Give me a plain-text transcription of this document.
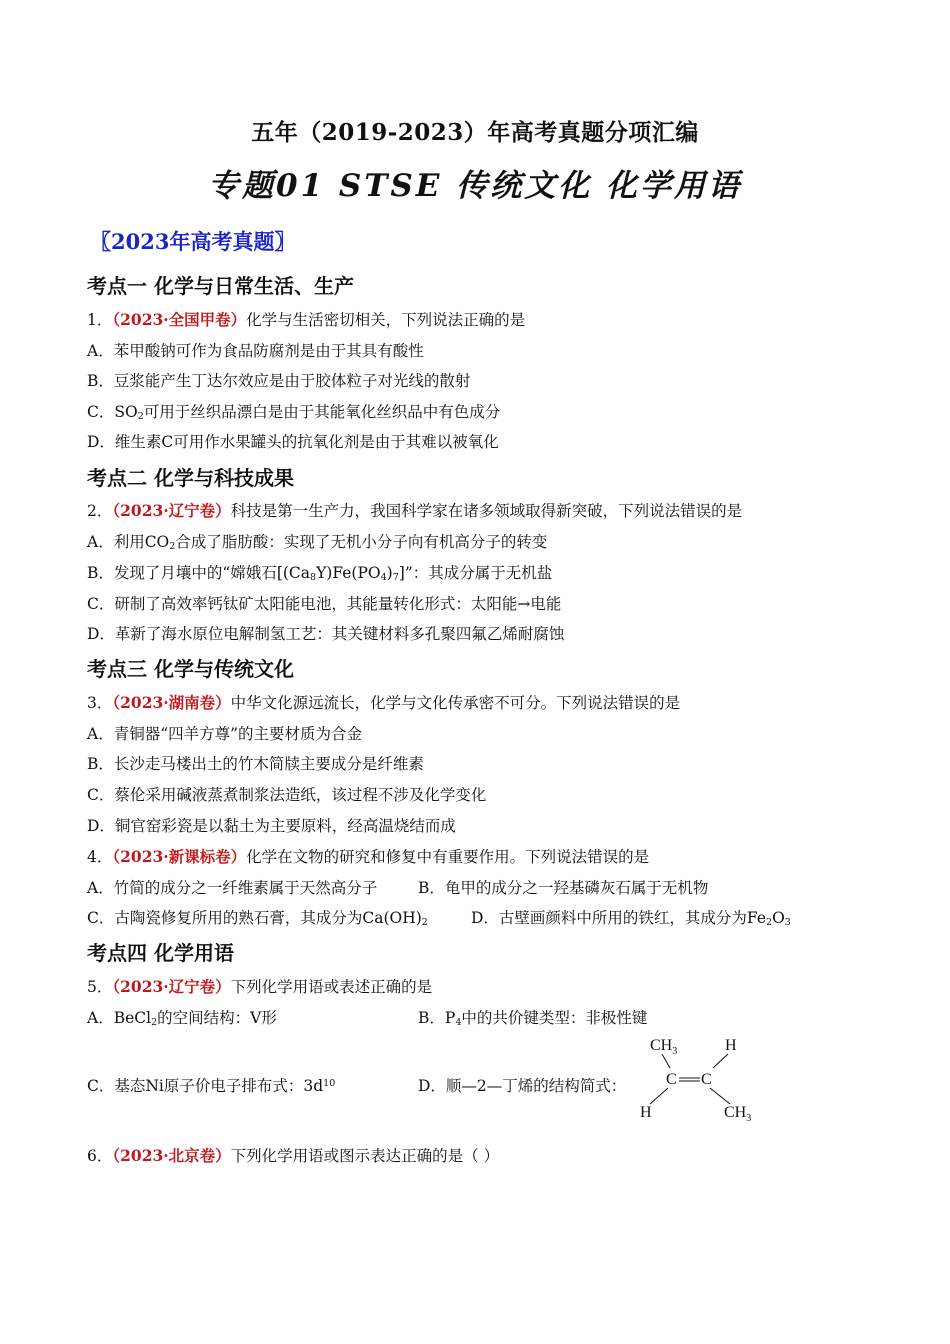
五年（2019-2023）年高考真题分项汇编
专题01 STSE 传统文化 化学用语
〖2023年高考真题〗
考点一 化学与日常生活、生产
1．（2023·全国甲卷）化学与生活密切相关，下列说法正确的是
A．苯甲酸钠可作为食品防腐剂是由于其具有酸性
B．豆浆能产生丁达尔效应是由于胶体粒子对光线的散射
C．$SO_2$可用于丝织品漂白是由于其能氧化丝织品中有色成分
D．维生素C可用作水果罐头的抗氧化剂是由于其难以被氧化
考点二 化学与科技成果
2．（2023·辽宁卷）科技是第一生产力，我国科学家在诸多领域取得新突破，下列说法错误的是
A．利用$CO_2$合成了脂肪酸：实现了无机小分子向有机高分子的转变
B．发现了月壤中的“嫦娥石$[(Ca_8Y)Fe(PO_4)_7]$”：其成分属于无机盐
C．研制了高效率钙钛矿太阳能电池，其能量转化形式：太阳能→电能
D．革新了海水原位电解制氢工艺：其关键材料多孔聚四氟乙烯耐腐蚀
考点三 化学与传统文化
3．（2023·湖南卷）中华文化源远流长，化学与文化传承密不可分。下列说法错误的是
A．青铜器“四羊方尊”的主要材质为合金
B．长沙走马楼出土的竹木简牍主要成分是纤维素
C．蔡伦采用碱液蒸煮制浆法造纸，该过程不涉及化学变化
D．铜官窑彩瓷是以黏土为主要原料，经高温烧结而成
4．（2023·新课标卷）化学在文物的研究和修复中有重要作用。下列说法错误的是
A．竹简的成分之一纤维素属于天然高分子	B．龟甲的成分之一羟基磷灰石属于无机物
C．古陶瓷修复所用的熟石膏，其成分为$Ca(OH)_2$	D．古壁画颜料中所用的铁红，其成分为$Fe_2O_3$
考点四 化学用语
5．（2023·辽宁卷）下列化学用语或表述正确的是
A．BeCl$_2$的空间结构：V形	B．$P_4$中的共价键类型：非极性键
C．基态Ni原子价电子排布式：$3d^{10}$	D．顺—2—丁烯的结构简式：
$CH_3$	H
C C
H	$CH_3$
6．（2023·北京卷）下列化学用语或图示表达正确的是（ ）
